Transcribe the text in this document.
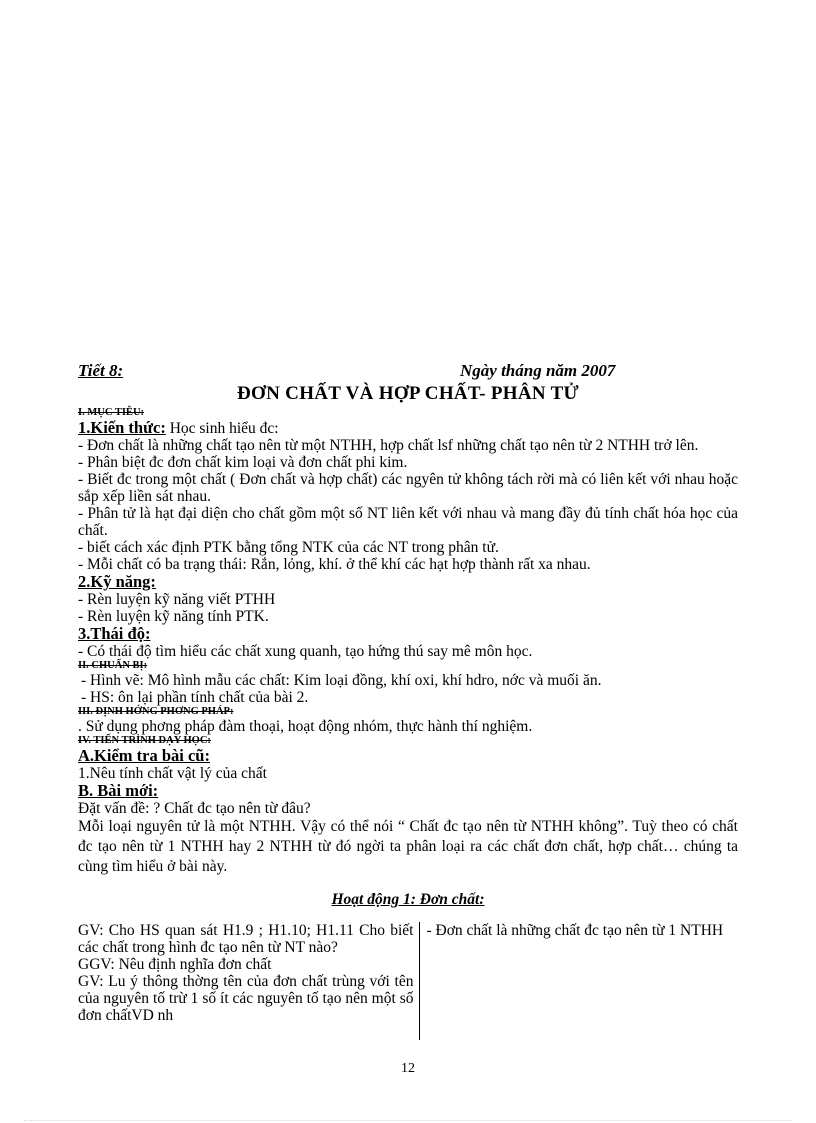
Tiết 8:	Ngày tháng năm 2007
ĐƠN CHẤT VÀ HỢP CHẤT- PHÂN TỬ
I. MỤC TIÊU:
1.Kiến thức: Học sinh hiểu đc:

- Đơn chất là những chất tạo nên từ một NTHH, hợp chất lsf những chất tạo nên từ 2 NTHH trở lên.

- Phân biệt đc đơn chất kim loại và đơn chất phi kim.

- Biết đc trong một chất ( Đơn chất và hợp chất) các ngyên tử không tách rời mà có liên kết với nhau hoặc sắp xếp liền sát nhau.

- Phân tử là hạt đại diện cho chất gồm một số NT liên kết với nhau và mang đầy đủ tính chất hóa học của chất.

- biết cách xác định PTK bằng tổng NTK của các NT trong phân tử.

- Mỗi chất có ba trạng thái: Rắn, lỏng, khí. ở thể khí các hạt hợp thành rất xa nhau.

2.Kỹ năng:

- Rèn luyện kỹ năng viết PTHH

- Rèn luyện kỹ năng tính PTK.

3.Thái độ:

- Có thái độ tìm hiểu các chất xung quanh, tạo hứng thú say mê môn học.

II. CHUẨN BỊ:

- Hình vẽ: Mô hình mẫu các chất: Kim loại đồng, khí oxi, khí hdro, nớc và muối ăn.

- HS: ôn lại phần tính chất của bài 2.

III. ĐỊNH HỚNG PHƠNG PHÁP:

. Sử dụng phơng pháp đàm thoại, hoạt động nhóm, thực hành thí nghiệm.

IV. TIẾN TRÌNH DẠY HỌC:
A.Kiểm tra bài cũ:

1.Nêu tính chất vật lý của chất

B. Bài mới:

Đặt vấn đề: ? Chất đc tạo nên từ đâu?

Mỗi loại nguyên tử là một NTHH. Vậy có thể nói “ Chất đc tạo nên từ NTHH không”. Tuỳ theo có chất đc tạo nên từ 1 NTHH hay 2 NTHH từ đó ngời ta phân loại ra các chất đơn chất, hợp chất… chúng ta cùng tìm hiểu ở bài này.

Hoạt động 1: Đơn chất:

GV: Cho HS quan sát H1.9 ; H1.10; H1.11 Cho biết các chất trong hình đc tạo nên từ NT nào?

GGV: Nêu định nghĩa đơn chất

GV: Lu ý thông thờng tên của đơn chất trùng với tên của nguyên tố trừ 1 số ít các nguyên tố tạo nên một số đơn chấtVD nh

- Đơn chất là những chất đc tạo nên từ 1 NTHH

12
